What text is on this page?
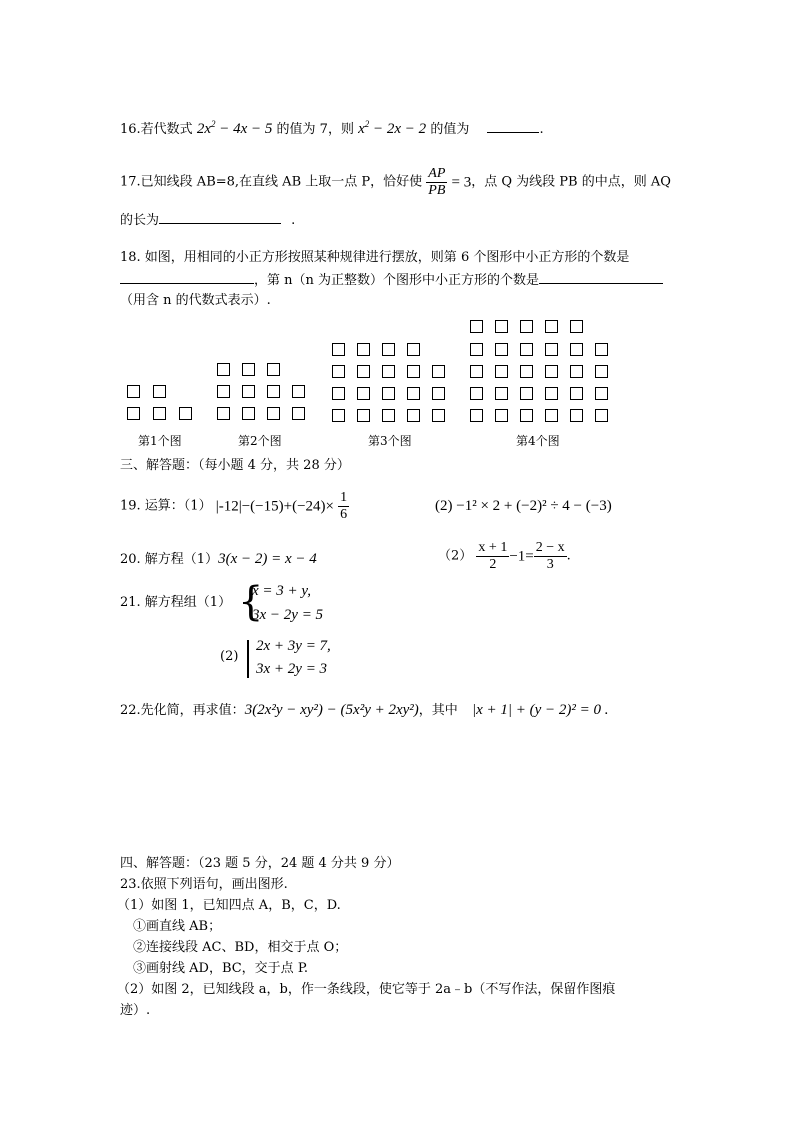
16.若代数式 $2x^2 - 4x - 5$ 的值为 7，则 $x^2 - 2x - 2$ 的值为	.
17.已知线段 AB=8,在直线 AB 上取一点 P，恰好使 $\frac{AP}{PB} = 3$，点 Q 为线段 PB 的中点，则 AQ
的长为	.
18. 如图，用相同的小正方形按照某种规律进行摆放，则第 6 个图形中小正方形的个数是
，第 n（n 为正整数）个图形中小正方形的个数是
（用含 n 的代数式表示）.
第1个图	第2个图	第3个图	第4个图
三、解答题：（每小题 4 分，共 28 分）
19. 运算：（1） $|-12|-(-15)+(-24)\times \frac{1}{6}$	(2) −1² × 2 + (−2)² ÷ 4 − (−3)
20. 解方程（1）3(x − 2) = x − 4	$(2) \frac{x + 1}{2} -1= \frac{2 - x}{3}$ .
21. 解方程组（1） {
x = 3 + y,
3x − 2y = 5
(2)
2x + 3y = 7,
3x + 2y = 3
22.先化简，再求值：3(2x²y − xy²) − (5x²y + 2xy²)，其中 |x + 1| + (y − 2)² = 0 .
四、解答题：（23 题 5 分，24 题 4 分共 9 分）
23.依照下列语句，画出图形.
（1）如图 1，已知四点 A，B，C，D.
①画直线 AB；
②连接线段 AC、BD，相交于点 O；
③画射线 AD，BC，交于点 P.
（2）如图 2，已知线段 a，b，作一条线段，使它等于 2a﹣b（不写作法，保留作图痕
迹）.
